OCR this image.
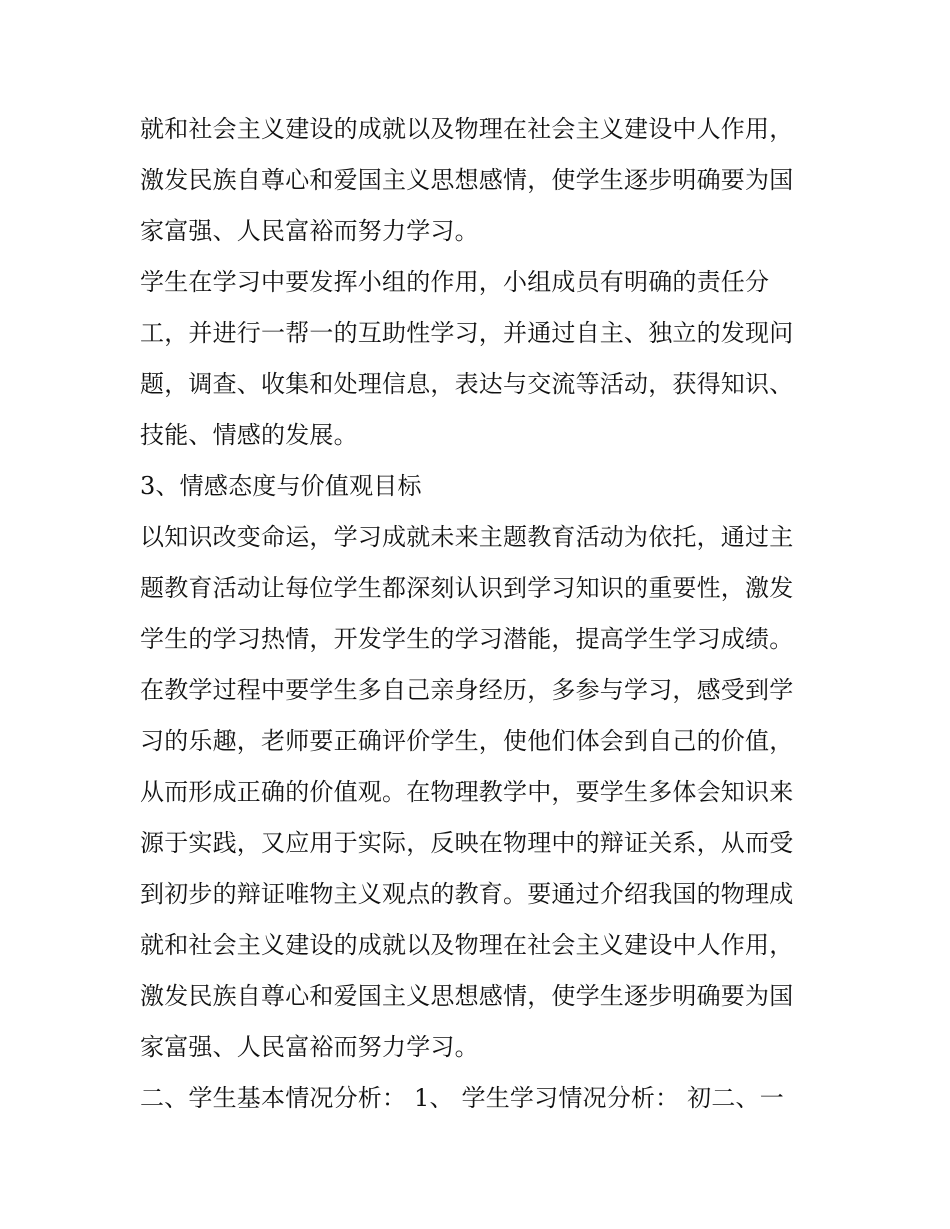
就和社会主义建设的成就以及物理在社会主义建设中人作用，
激发民族自尊心和爱国主义思想感情，使学生逐步明确要为国
家富强、人民富裕而努力学习。
学生在学习中要发挥小组的作用，小组成员有明确的责任分
工，并进行一帮一的互助性学习，并通过自主、独立的发现问
题，调查、收集和处理信息，表达与交流等活动，获得知识、
技能、情感的发展。
3、情感态度与价值观目标
以知识改变命运，学习成就未来主题教育活动为依托，通过主
题教育活动让每位学生都深刻认识到学习知识的重要性，激发
学生的学习热情，开发学生的学习潜能，提高学生学习成绩。
在教学过程中要学生多自己亲身经历，多参与学习，感受到学
习的乐趣，老师要正确评价学生，使他们体会到自己的价值，
从而形成正确的价值观。在物理教学中，要学生多体会知识来
源于实践，又应用于实际，反映在物理中的辩证关系，从而受
到初步的辩证唯物主义观点的教育。要通过介绍我国的物理成
就和社会主义建设的成就以及物理在社会主义建设中人作用，
激发民族自尊心和爱国主义思想感情，使学生逐步明确要为国
家富强、人民富裕而努力学习。
二、学生基本情况分析： 1、 学生学习情况分析： 初二、一
